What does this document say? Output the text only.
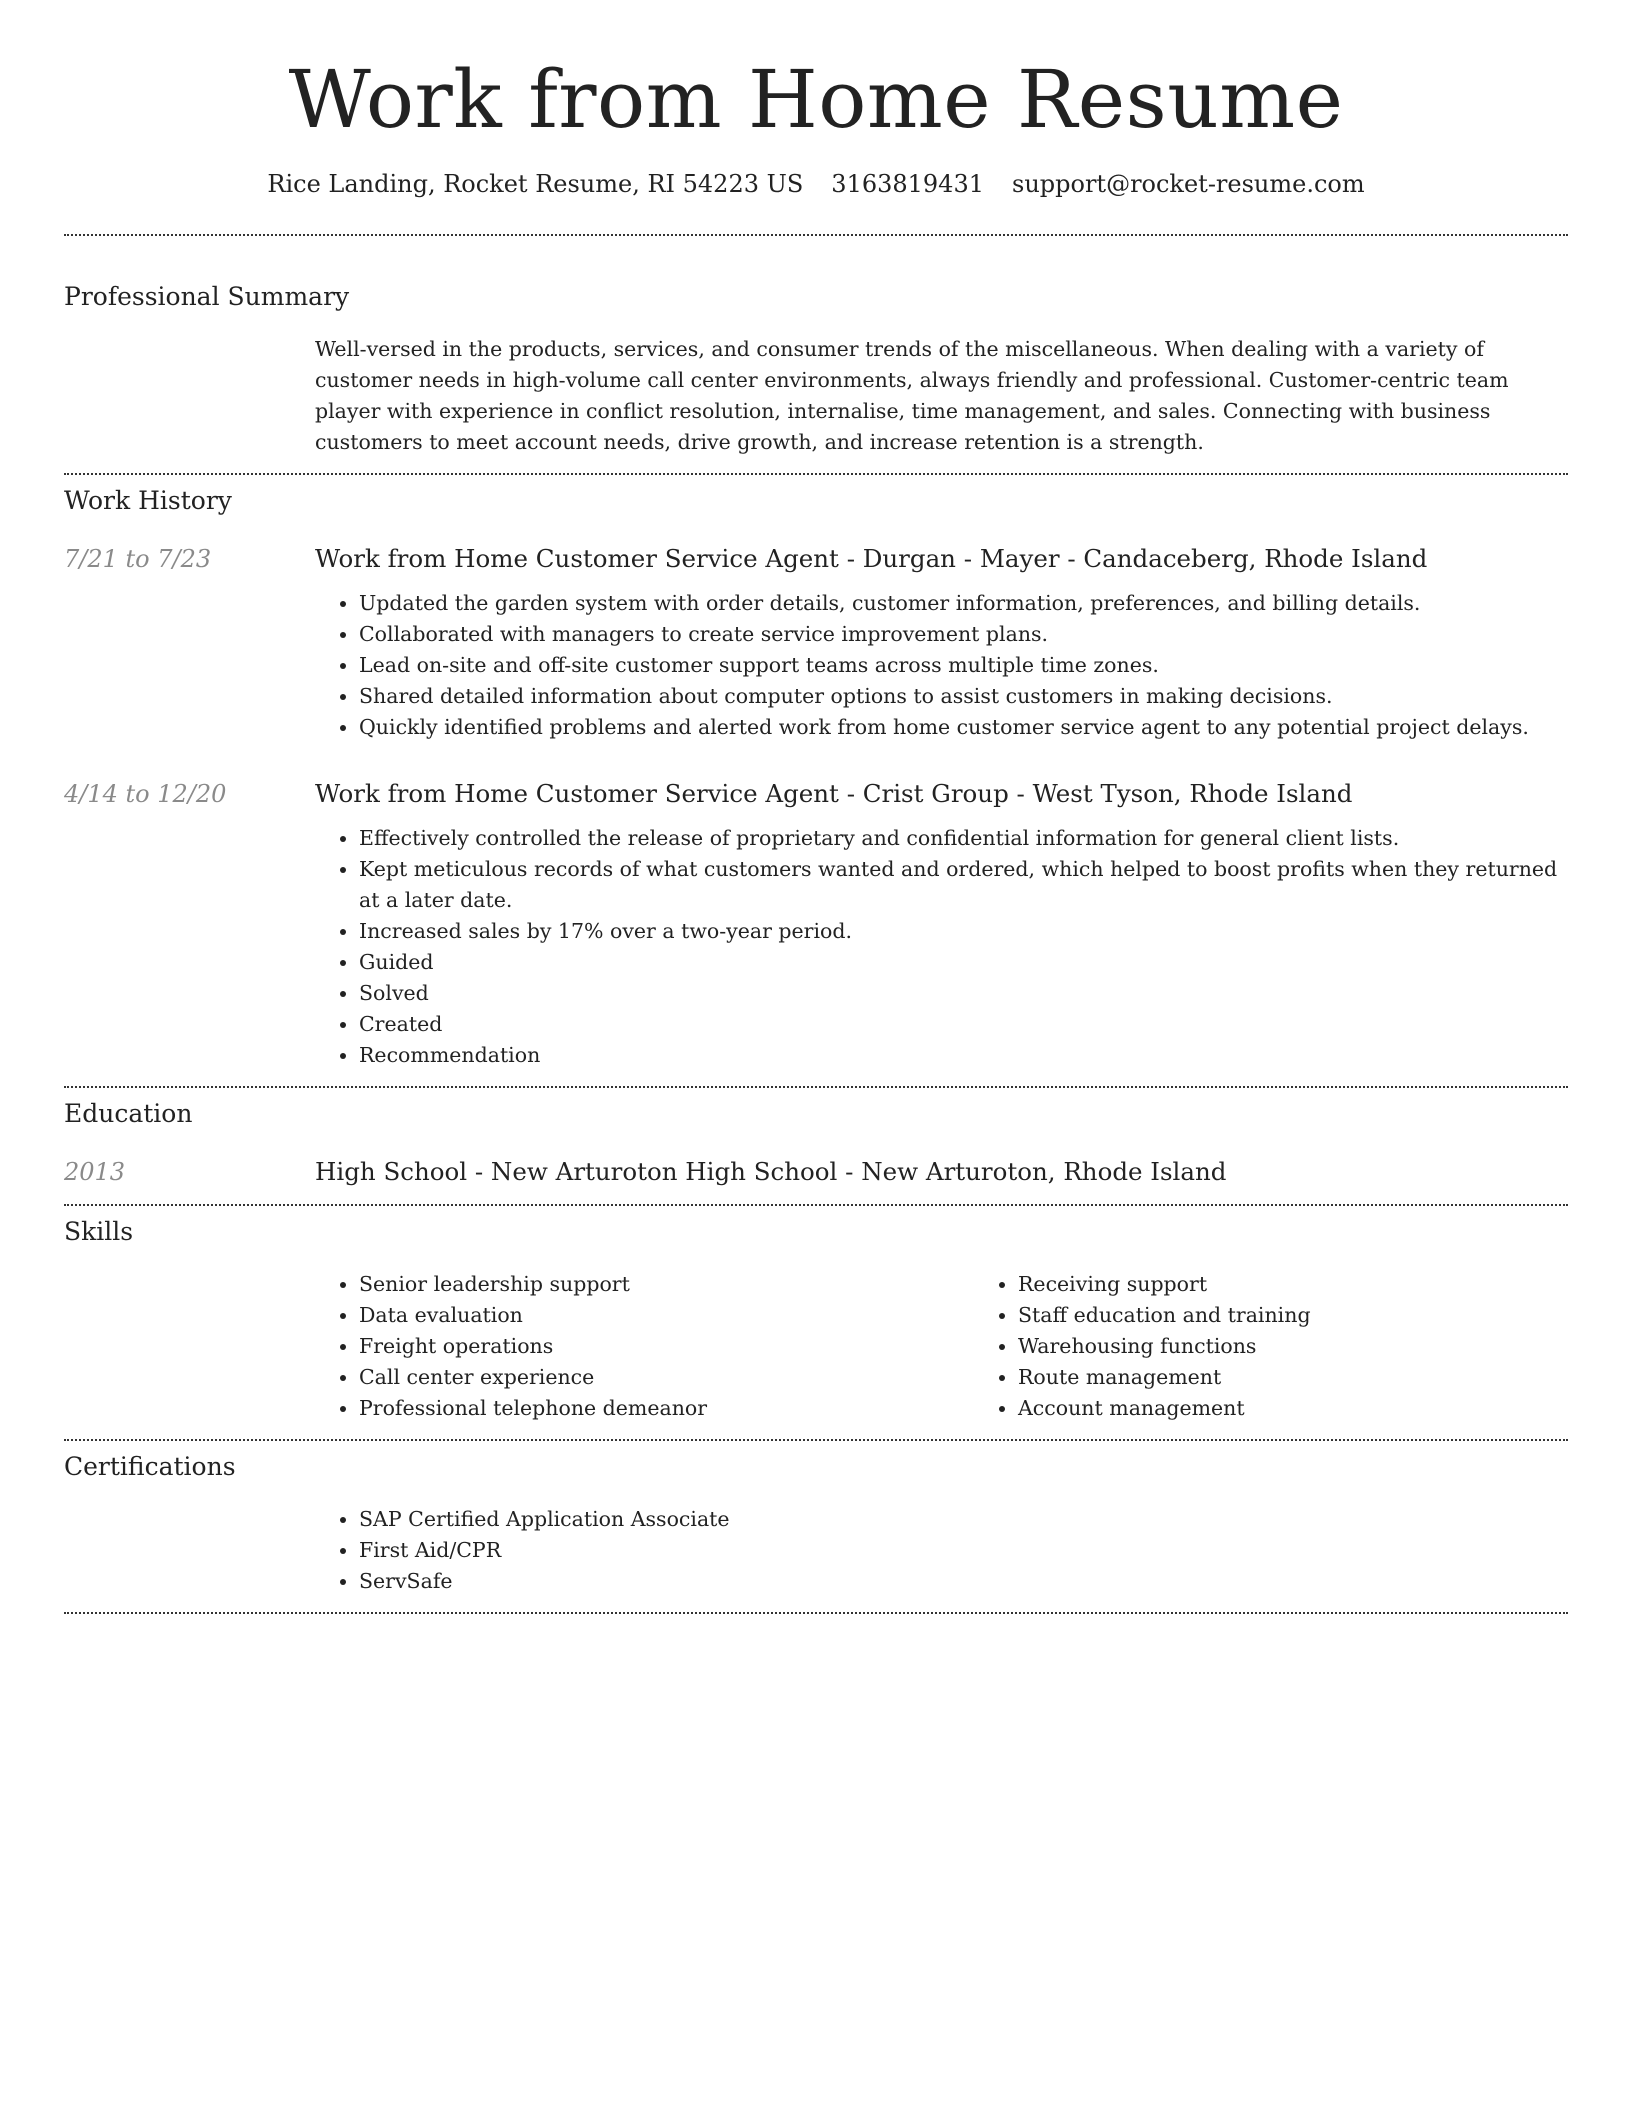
Work from Home Resume
Rice Landing, Rocket Resume, RI 54223 US 3163819431 support@rocket-resume.com
Professional Summary
Well-versed in the products, services, and consumer trends of the miscellaneous. When dealing with a variety of customer needs in high-volume call center environments, always friendly and professional. Customer-centric team player with experience in conflict resolution, internalise, time management, and sales. Connecting with business customers to meet account needs, drive growth, and increase retention is a strength.
Work History
7/21 to 7/23	Work from Home Customer Service Agent - Durgan - Mayer - Candaceberg, Rhode Island
• Updated the garden system with order details, customer information, preferences, and billing details.
• Collaborated with managers to create service improvement plans.
• Lead on-site and off-site customer support teams across multiple time zones.
• Shared detailed information about computer options to assist customers in making decisions.
• Quickly identified problems and alerted work from home customer service agent to any potential project delays.
4/14 to 12/20	Work from Home Customer Service Agent - Crist Group - West Tyson, Rhode Island
• Effectively controlled the release of proprietary and confidential information for general client lists.
• Kept meticulous records of what customers wanted and ordered, which helped to boost profits when they returned at a later date.
• Increased sales by 17% over a two-year period.
• Guided
• Solved
• Created
• Recommendation
Education
2013	High School - New Arturoton High School - New Arturoton, Rhode Island
Skills
• Senior leadership support
• Data evaluation
• Freight operations
• Call center experience
• Professional telephone demeanor
• Receiving support
• Staff education and training
• Warehousing functions
• Route management
• Account management
Certifications
• SAP Certified Application Associate
• First Aid/CPR
• ServSafe
